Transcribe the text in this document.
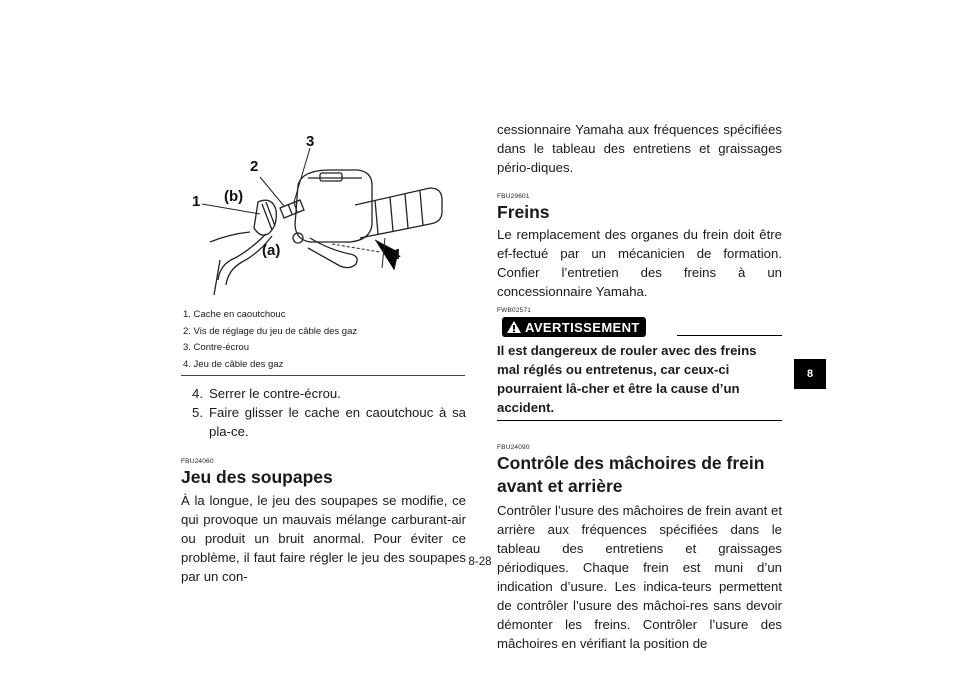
1
2
3
4
(a)
(b)
1. Cache en caoutchouc
2. Vis de réglage du jeu de câble des gaz
3. Contre-écrou
4. Jeu de câble des gaz
4. Serrer le contre-écrou.
5. Faire glisser le cache en caoutchouc à sa pla-ce.
FBU24060
Jeu des soupapes

À la longue, le jeu des soupapes se modifie, ce qui provoque un mauvais mélange carburant-air ou produit un bruit anormal. Pour éviter ce problème, il faut faire régler le jeu des soupapes par un con-

cessionnaire Yamaha aux fréquences spécifiées dans le tableau des entretiens et graissages pério-diques.

FBU29601
Freins

Le remplacement des organes du frein doit être ef-fectué par un mécanicien de formation. Confier l’entretien des freins à un concessionnaire Yamaha.

FWB02571
AVERTISSEMENT

Il est dangereux de rouler avec des freins mal réglés ou entretenus, car ceux-ci pourraient lâ-cher et être la cause d’un accident.

FBU24090
Contrôle des mâchoires de frein avant et arrière

Contrôler l’usure des mâchoires de frein avant et arrière aux fréquences spécifiées dans le tableau des entretiens et graissages périodiques. Chaque frein est muni d’un indication d’usure. Les indica-teurs permettent de contrôler l’usure des mâchoi-res sans devoir démonter les freins. Contrôler l’usure des mâchoires en vérifiant la position de

8
8-28
